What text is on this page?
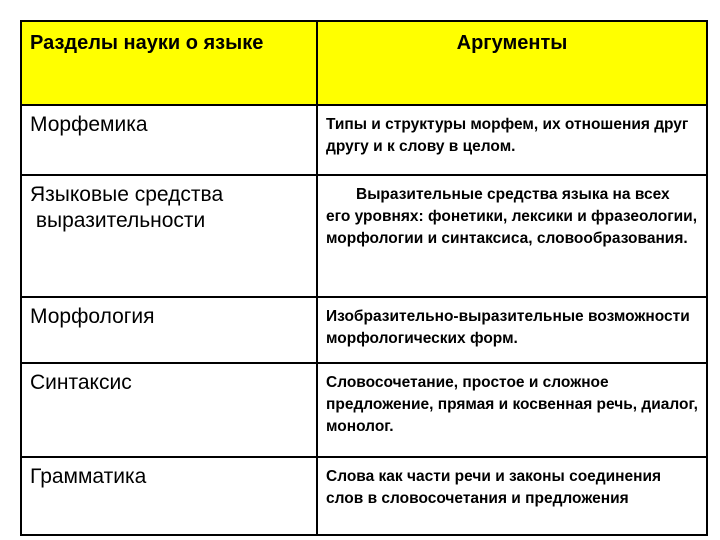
Разделы науки о языке	Аргументы

Морфемика	Типы и структуры морфем, их отношения друг другу и к слову в целом.

Языковые средства
выразительности	Выразительные средства языка на всех его уровнях: фонетики, лексики и фразеологии, морфологии и синтаксиса, словообразования.

Морфология	Изобразительно-выразительные возможности морфологических форм.

Синтаксис	Словосочетание, простое и сложное предложение, прямая и косвенная речь, диалог, монолог.

Грамматика	Слова как части речи и законы соединения слов в словосочетания и предложения
